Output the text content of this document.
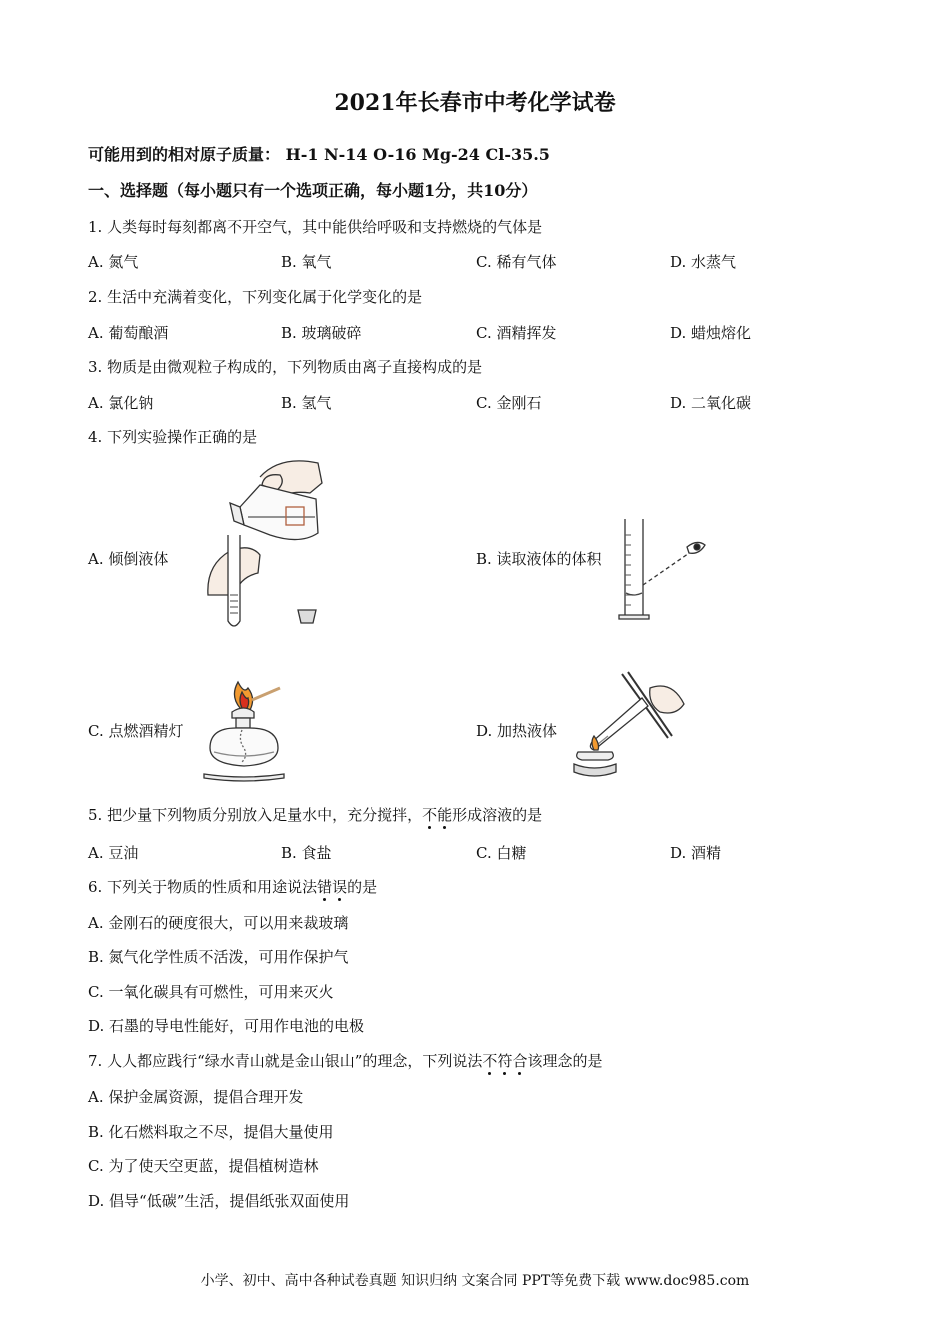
2021年长春市中考化学试卷
可能用到的相对原子质量： H-1 N-14 O-16 Mg-24 Cl-35.5
一、选择题（每小题只有一个选项正确，每小题1分，共10分）
1. 人类每时每刻都离不开空气，其中能供给呼吸和支持燃烧的气体是
A. 氮气	B. 氧气	C. 稀有气体	D. 水蒸气
2. 生活中充满着变化，下列变化属于化学变化的是
A. 葡萄酿酒	B. 玻璃破碎	C. 酒精挥发	D. 蜡烛熔化
3. 物质是由微观粒子构成的，下列物质由离子直接构成的是
A. 氯化钠	B. 氢气	C. 金刚石	D. 二氧化碳
4. 下列实验操作正确的是
A. 倾倒液体	B. 读取液体的体积
C. 点燃酒精灯	D. 加热液体
5. 把少量下列物质分别放入足量水中，充分搅拌，不能形成溶液的是
A. 豆油	B. 食盐	C. 白糖	D. 酒精
6. 下列关于物质的性质和用途说法错误的是
A. 金刚石的硬度很大，可以用来裁玻璃
B. 氮气化学性质不活泼，可用作保护气
C. 一氧化碳具有可燃性，可用来灭火
D. 石墨的导电性能好，可用作电池的电极
7. 人人都应践行“绿水青山就是金山银山”的理念，下列说法不符合该理念的是
A. 保护金属资源，提倡合理开发
B. 化石燃料取之不尽，提倡大量使用
C. 为了使天空更蓝，提倡植树造林
D. 倡导“低碳”生活，提倡纸张双面使用
小学、初中、高中各种试卷真题 知识归纳 文案合同 PPT等免费下载 www.doc985.com
